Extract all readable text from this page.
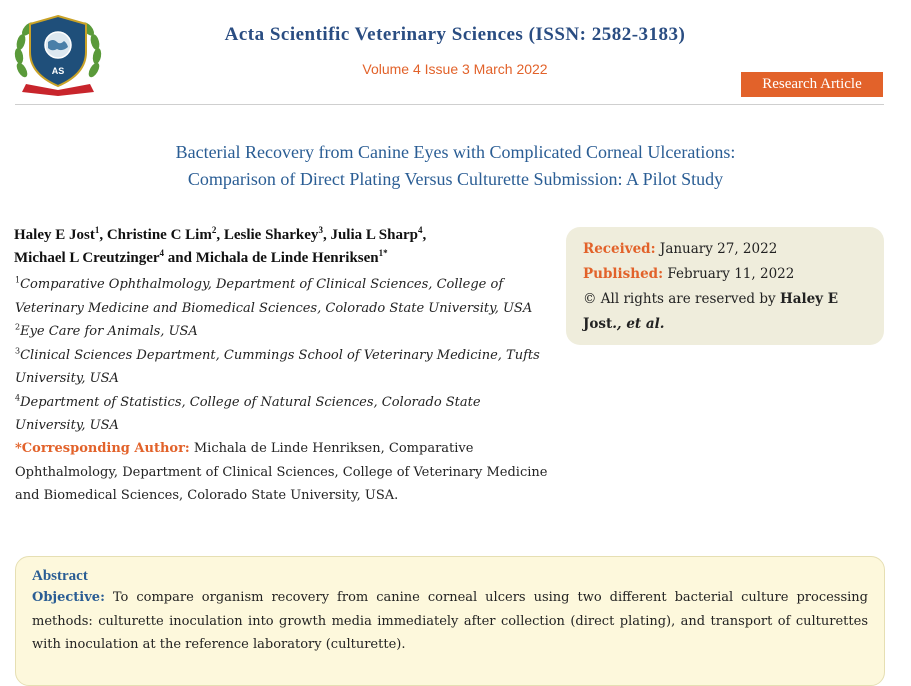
AS
Acta Scientific Veterinary Sciences (ISSN: 2582-3183)
Volume 4 Issue 3 March 2022
Research Article
Bacterial Recovery from Canine Eyes with Complicated Corneal Ulcerations:
Comparison of Direct Plating Versus Culturette Submission: A Pilot Study
Haley E Jost$^1$, Christine C Lim$^2$, Leslie Sharkey$^3$, Julia L Sharp$^4$,
Michael L Creutzinger$^4$ and Michala de Linde Henriksen$^{1*}$

$^1$Comparative Ophthalmology, Department of Clinical Sciences, College of Veterinary Medicine and Biomedical Sciences, Colorado State University, USA

$^2$Eye Care for Animals, USA

$^3$Clinical Sciences Department, Cummings School of Veterinary Medicine, Tufts University, USA

$^4$Department of Statistics, College of Natural Sciences, Colorado State University, USA

*Corresponding Author: Michala de Linde Henriksen, Comparative Ophthalmology, Department of Clinical Sciences, College of Veterinary Medicine and Biomedical Sciences, Colorado State University, USA.
Received: January 27, 2022
Published: February 11, 2022
© All rights are reserved by Haley E Jost., et al.
Abstract
Objective: To compare organism recovery from canine corneal ulcers using two different bacterial culture processing methods: culturette inoculation into growth media immediately after collection (direct plating), and transport of culturettes with inoculation at the reference laboratory (culturette).
